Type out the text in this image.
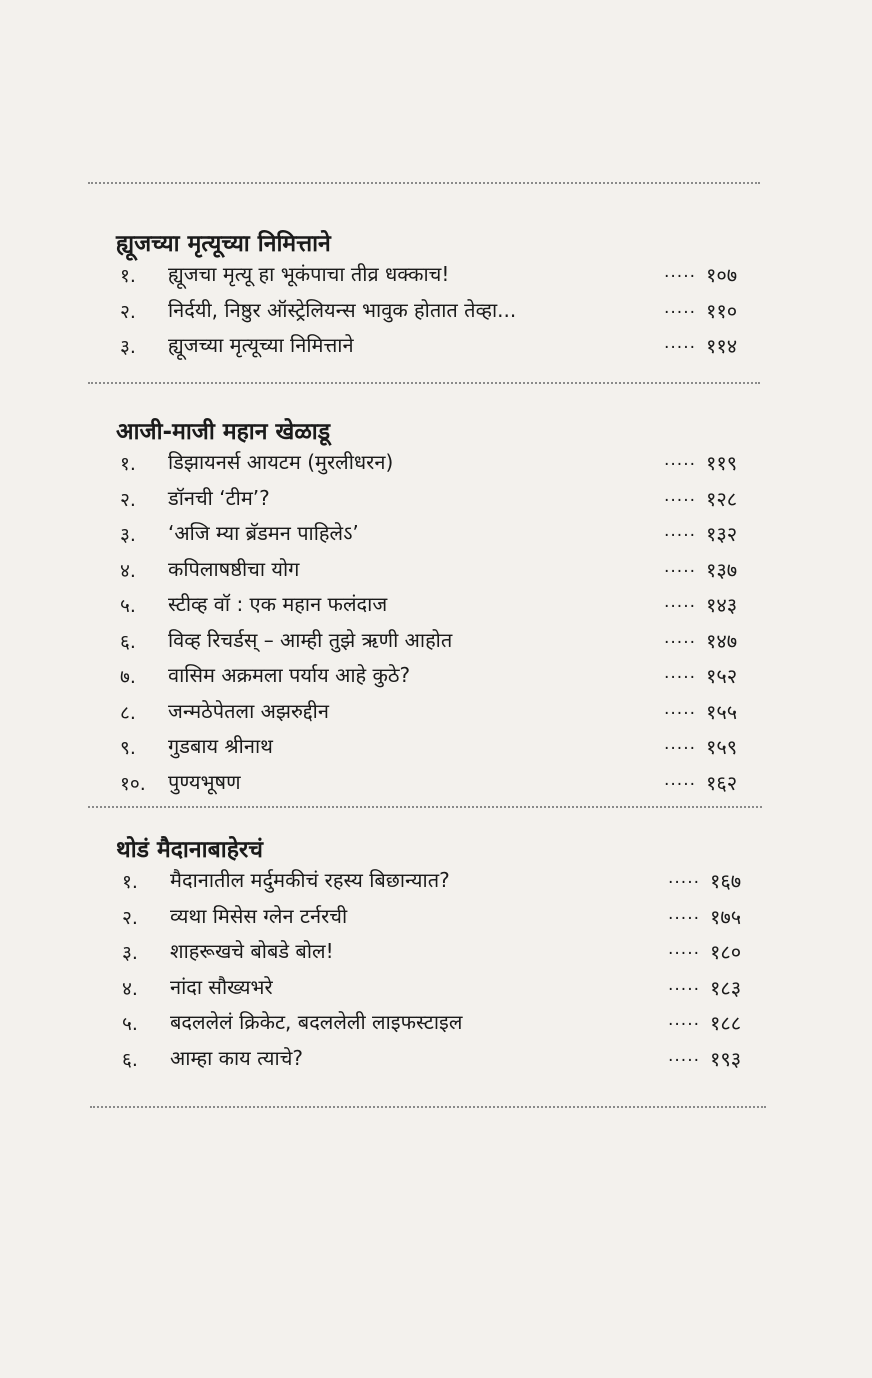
ह्यूजच्या मृत्यूच्या निमित्ताने
१. ह्यूजचा मृत्यू हा भूकंपाचा तीव्र धक्काच!	..... १०७
२. निर्दयी, निष्ठुर ऑस्ट्रेलियन्स भावुक होतात तेव्हा...	..... ११०
३. ह्यूजच्या मृत्यूच्या निमित्ताने	..... ११४
आजी-माजी महान खेळाडू
१. डिझायनर्स आयटम (मुरलीधरन)	..... ११९
२. डॉनची ‘टीम’?	..... १२८
३. ‘अजि म्या ब्रॅडमन पाहिलेऽ’	..... १३२
४. कपिलाषष्ठीचा योग	..... १३७
५. स्टीव्ह वॉ : एक महान फलंदाज	..... १४३
६. विव्ह रिचर्डस् – आम्ही तुझे ऋणी आहोत	..... १४७
७. वासिम अक्रमला पर्याय आहे कुठे?	..... १५२
८. जन्मठेपेतला अझरुद्दीन	..... १५५
९. गुडबाय श्रीनाथ	..... १५९
१०. पुण्यभूषण	..... १६२
थोडं मैदानाबाहेरचं
१. मैदानातील मर्दुमकीचं रहस्य बिछान्यात?	..... १६७
२. व्यथा मिसेस ग्लेन टर्नरची	..... १७५
३. शाहरूखचे बोबडे बोल!	..... १८०
४. नांदा सौख्यभरे	..... १८३
५. बदललेलं क्रिकेट, बदललेली लाइफस्टाइल	..... १८८
६. आम्हा काय त्याचे?	..... १९३
